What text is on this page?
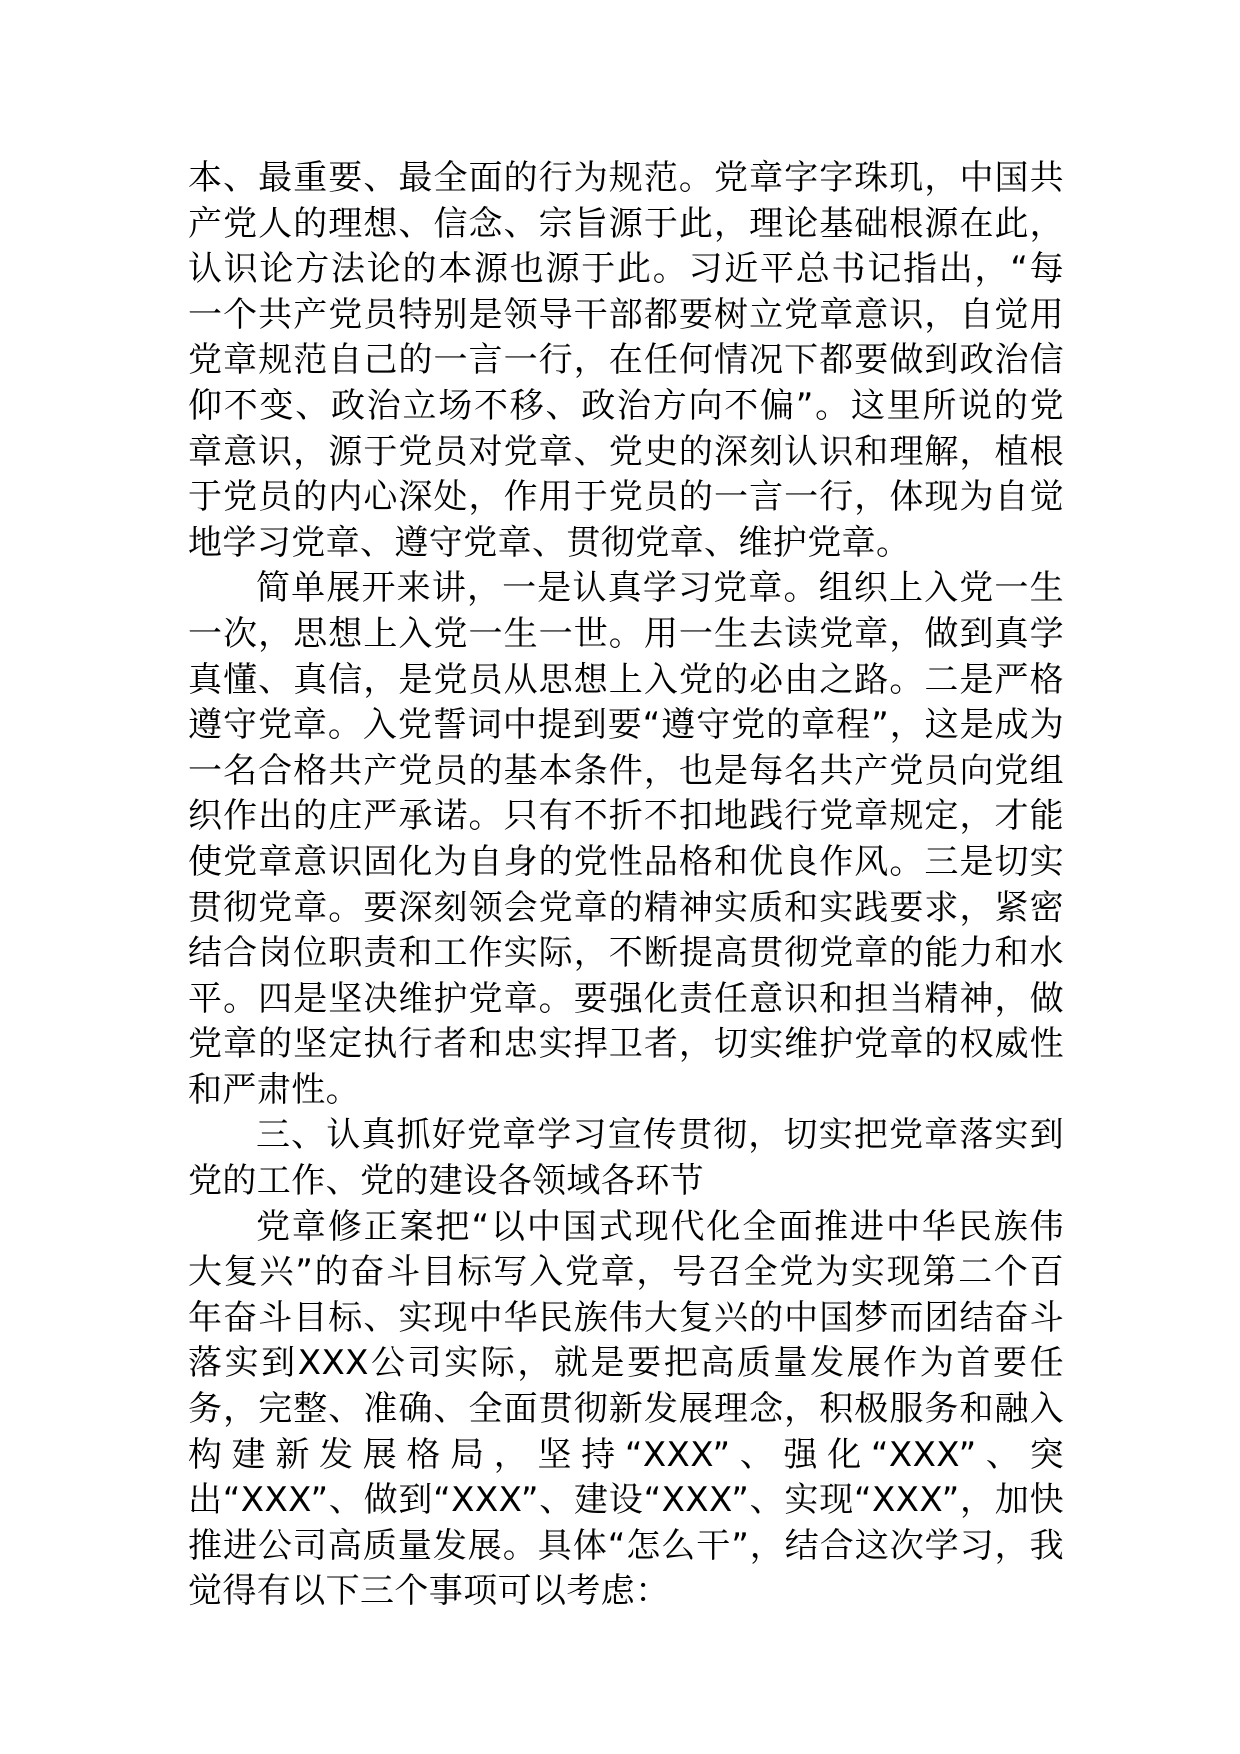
本、最重要、最全面的行为规范。党章字字珠玑，中国共产党人的理想、信念、宗旨源于此，理论基础根源在此，认识论方法论的本源也源于此。习近平总书记指出，“每一个共产党员特别是领导干部都要树立党章意识，自觉用党章规范自己的一言一行，在任何情况下都要做到政治信仰不变、政治立场不移、政治方向不偏”。这里所说的党章意识，源于党员对党章、党史的深刻认识和理解，植根于党员的内心深处，作用于党员的一言一行，体现为自觉地学习党章、遵守党章、贯彻党章、维护党章。

简单展开来讲，一是认真学习党章。组织上入党一生一次，思想上入党一生一世。用一生去读党章，做到真学真懂、真信，是党员从思想上入党的必由之路。二是严格遵守党章。入党誓词中提到要“遵守党的章程”，这是成为一名合格共产党员的基本条件，也是每名共产党员向党组织作出的庄严承诺。只有不折不扣地践行党章规定，才能使党章意识固化为自身的党性品格和优良作风。三是切实贯彻党章。要深刻领会党章的精神实质和实践要求，紧密结合岗位职责和工作实际，不断提高贯彻党章的能力和水平。四是坚决维护党章。要强化责任意识和担当精神，做党章的坚定执行者和忠实捍卫者，切实维护党章的权威性和严肃性。

三、认真抓好党章学习宣传贯彻，切实把党章落实到党的工作、党的建设各领域各环节

党章修正案把“以中国式现代化全面推进中华民族伟大复兴”的奋斗目标写入党章，号召全党为实现第二个百年奋斗目标、实现中华民族伟大复兴的中国梦而团结奋斗落实到XXX公司实际，就是要把高质量发展作为首要任务，完整、准确、全面贯彻新发展理念，积极服务和融入构建新发展格局，坚持“XXX”、强化“XXX”、突出“XXX”、做到“XXX”、建设“XXX”、实现“XXX”，加快推进公司高质量发展。具体“怎么干”，结合这次学习，我觉得有以下三个事项可以考虑：
